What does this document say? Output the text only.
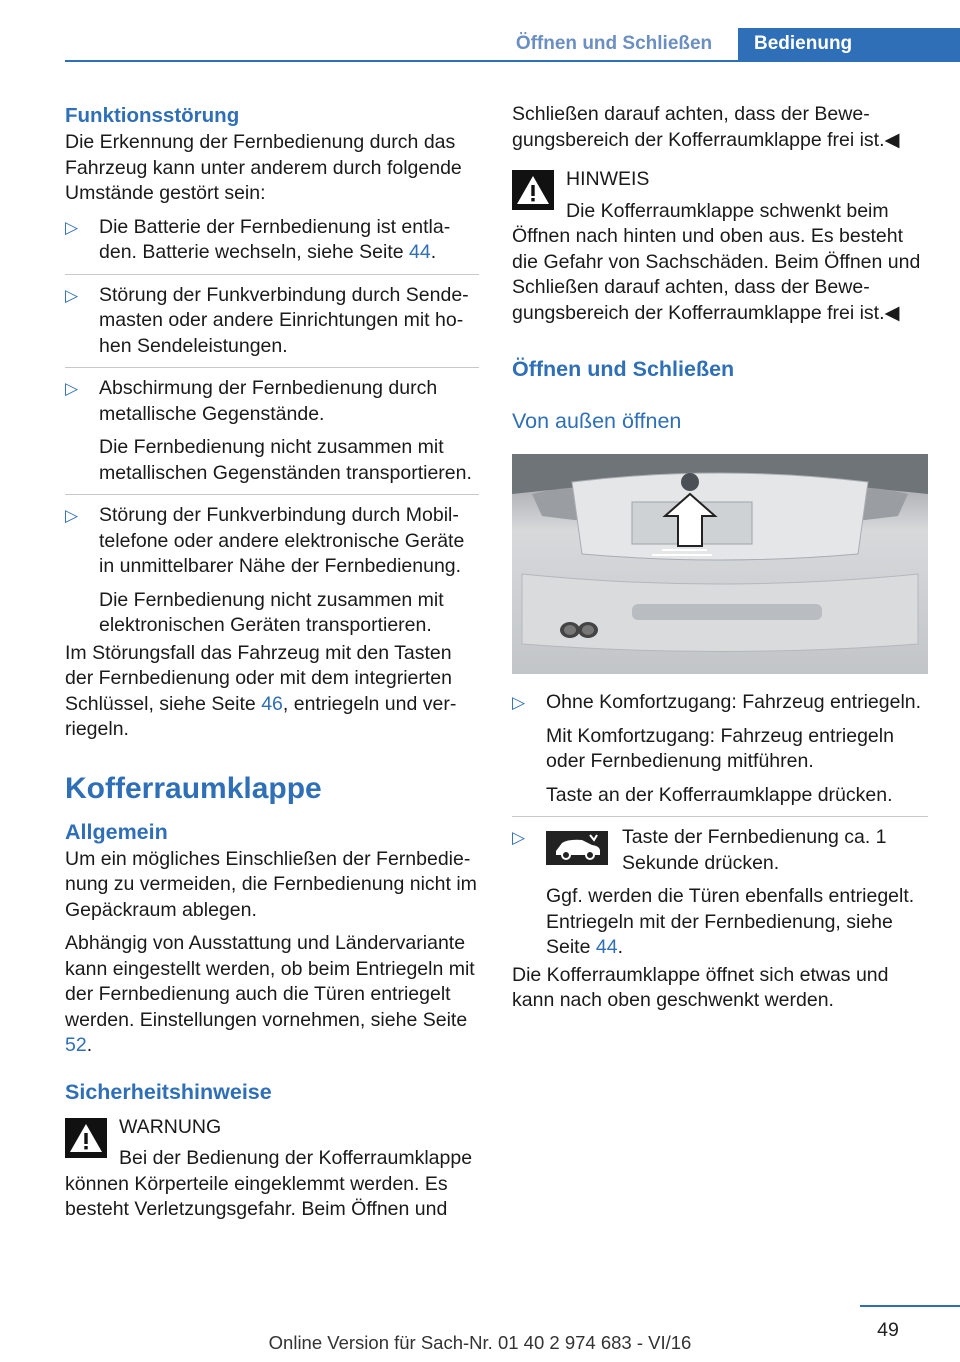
Öffnen und Schließen	Bedienung
Funktionsstörung

Die Erkennung der Fernbedienung durch das Fahrzeug kann unter anderem durch folgende Umstände gestört sein:

▷ Die Batterie der Fernbedienung ist entladen. Batterie wechseln, siehe Seite 44.
▷ Störung der Funkverbindung durch Sendemasten oder andere Einrichtungen mit hohen Sendeleistungen.
▷ Abschirmung der Fernbedienung durch metallische Gegenstände.
Die Fernbedienung nicht zusammen mit metallischen Gegenständen transportieren.
▷ Störung der Funkverbindung durch Mobiltelefone oder andere elektronische Geräte in unmittelbarer Nähe der Fernbedienung.
Die Fernbedienung nicht zusammen mit elektronischen Geräten transportieren.

Im Störungsfall das Fahrzeug mit den Tasten der Fernbedienung oder mit dem integrierten Schlüssel, siehe Seite 46, entriegeln und verriegeln.

Kofferraumklappe
Allgemein

Um ein mögliches Einschließen der Fernbedienung zu vermeiden, die Fernbedienung nicht im Gepäckraum ablegen.

Abhängig von Ausstattung und Ländervariante kann eingestellt werden, ob beim Entriegeln mit der Fernbedienung auch die Türen entriegelt werden. Einstellungen vornehmen, siehe Seite 52.

Sicherheitshinweise
WARNUNG
Bei der Bedienung der Kofferraumklappe können Körperteile eingeklemmt werden. Es besteht Verletzungsgefahr. Beim Öffnen und

Schließen darauf achten, dass der Bewegungsbereich der Kofferraumklappe frei ist.◀

HINWEIS
Die Kofferraumklappe schwenkt beim Öffnen nach hinten und oben aus. Es besteht die Gefahr von Sachschäden. Beim Öffnen und Schließen darauf achten, dass der Bewegungsbereich der Kofferraumklappe frei ist.◀
Öffnen und Schließen
Von außen öffnen
▷ Ohne Komfortzugang: Fahrzeug entriegeln.
Mit Komfortzugang: Fahrzeug entriegeln oder Fernbedienung mitführen.
Taste an der Kofferraumklappe drücken.
▷	Taste der Fernbedienung ca. 1 Sekunde drücken.
Ggf. werden die Türen ebenfalls entriegelt. Entriegeln mit der Fernbedienung, siehe Seite 44.

Die Kofferraumklappe öffnet sich etwas und kann nach oben geschwenkt werden.

49
Online Version für Sach-Nr. 01 40 2 974 683 - VI/16
